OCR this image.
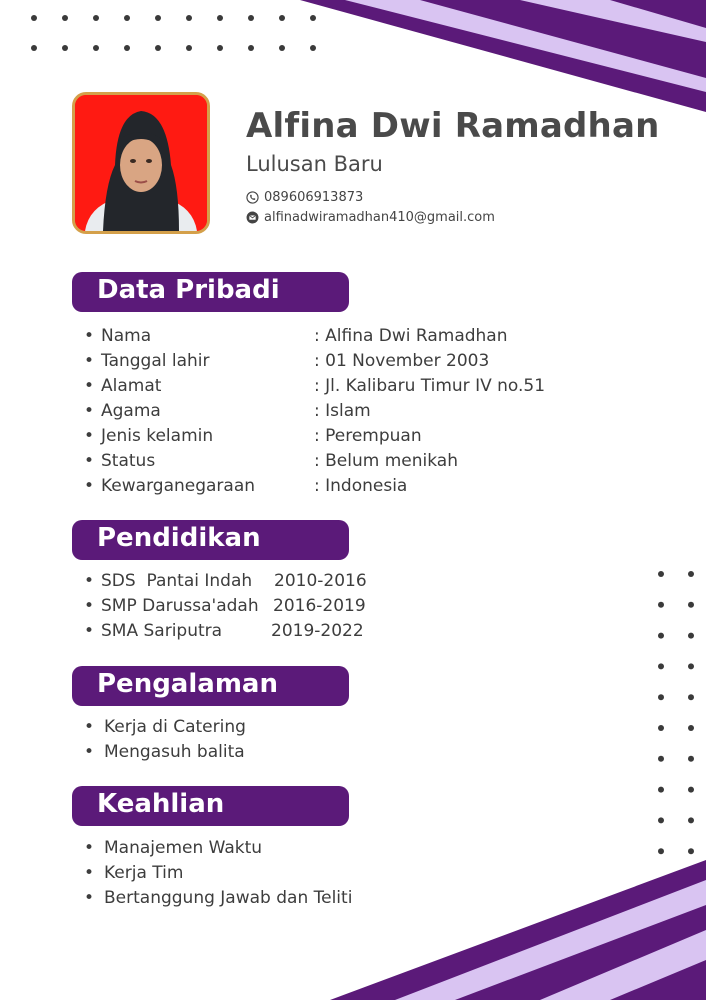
Alfina Dwi Ramadhan

Lulusan Baru

089606913873
alfinadwiramadhan410@gmail.com
Data Pribadi
• Nama	: Alfina Dwi Ramadhan
• Tanggal lahir	: 01 November 2003
• Alamat	: Jl. Kalibaru Timur IV no.51
• Agama	: Islam
• Jenis kelamin	: Perempuan
• Status	: Belum menikah
• Kewarganegaraan	: Indonesia
Pendidikan
• SDS  Pantai Indah 2010-2016
• SMP Darussa'adah 2016-2019
• SMA Sariputra	2019-2022
Pengalaman
• Kerja di Catering
• Mengasuh balita
Keahlian
• Manajemen Waktu
• Kerja Tim
• Bertanggung Jawab dan Teliti
